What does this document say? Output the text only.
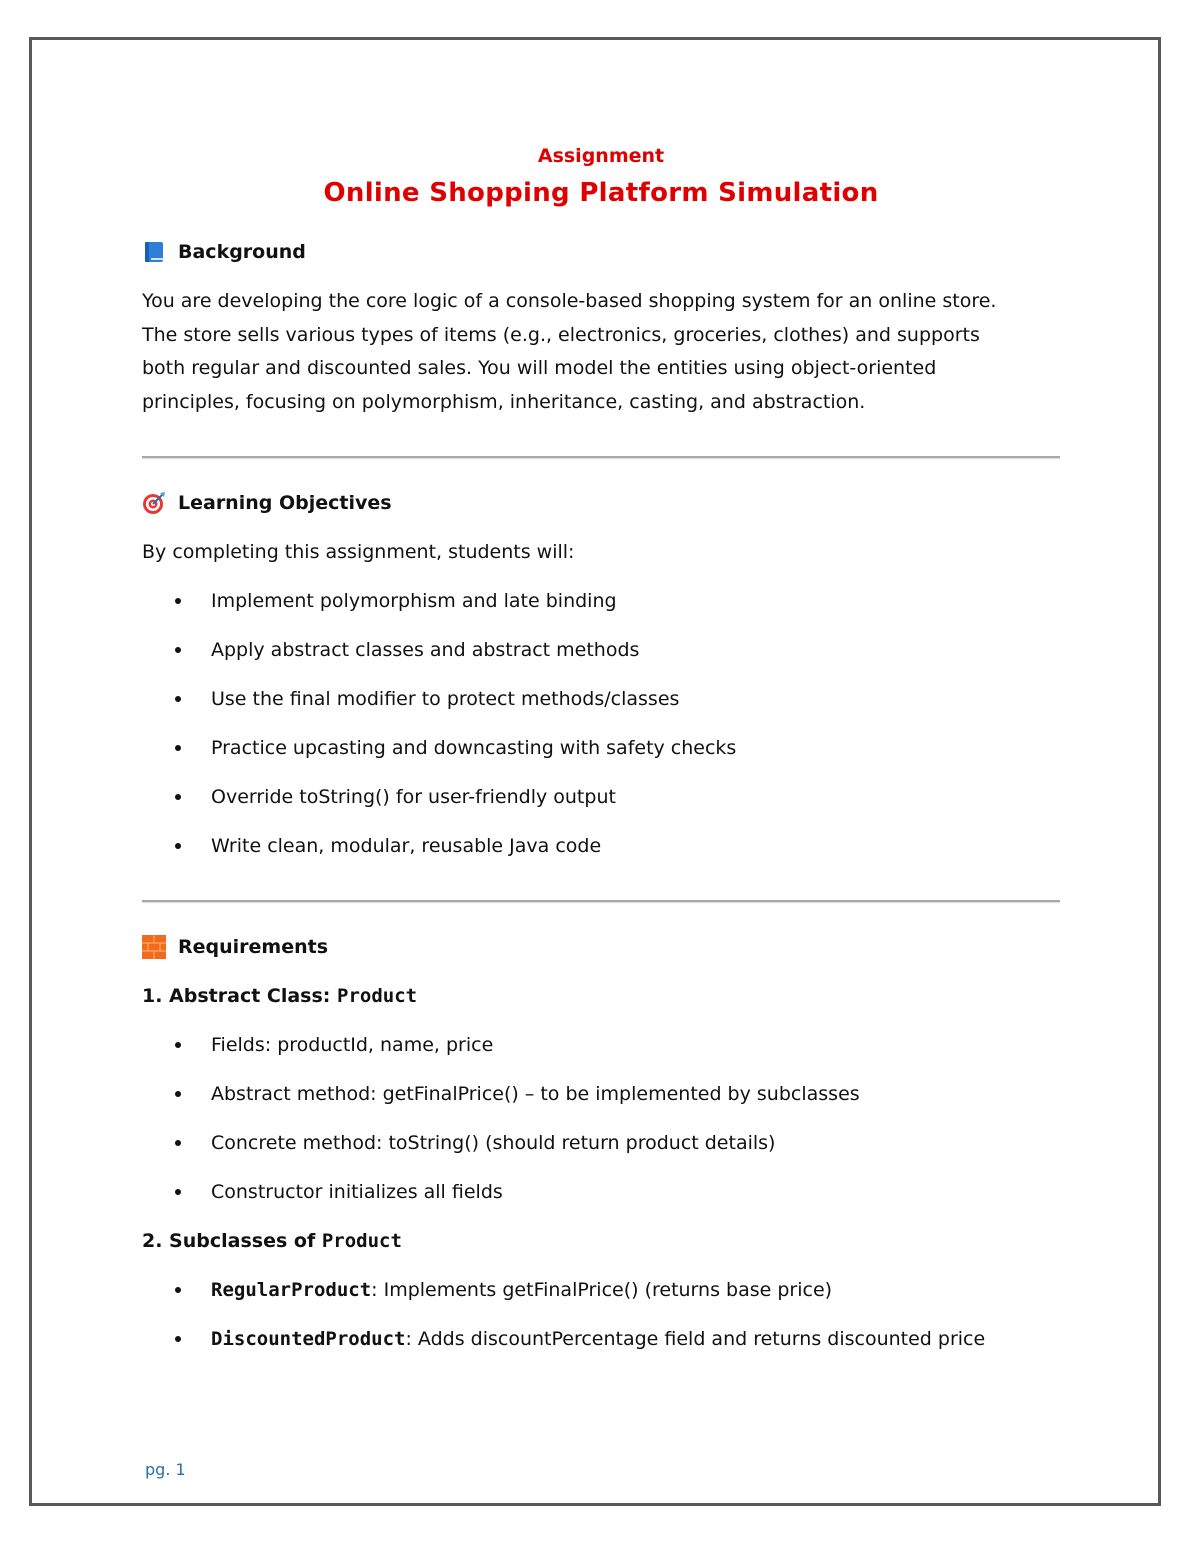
Assignment
Online Shopping Platform Simulation
Background
You are developing the core logic of a console-based shopping system for an online store.
The store sells various types of items (e.g., electronics, groceries, clothes) and supports
both regular and discounted sales. You will model the entities using object-oriented
principles, focusing on polymorphism, inheritance, casting, and abstraction.
Learning Objectives
By completing this assignment, students will:
Implement polymorphism and late binding
Apply abstract classes and abstract methods
Use the final modifier to protect methods/classes
Practice upcasting and downcasting with safety checks
Override toString() for user-friendly output
Write clean, modular, reusable Java code
Requirements
1. Abstract Class: Product
Fields: productId, name, price
Abstract method: getFinalPrice() – to be implemented by subclasses
Concrete method: toString() (should return product details)
Constructor initializes all fields
2. Subclasses of Product
RegularProduct: Implements getFinalPrice() (returns base price)
DiscountedProduct: Adds discountPercentage field and returns discounted price
pg. 1
